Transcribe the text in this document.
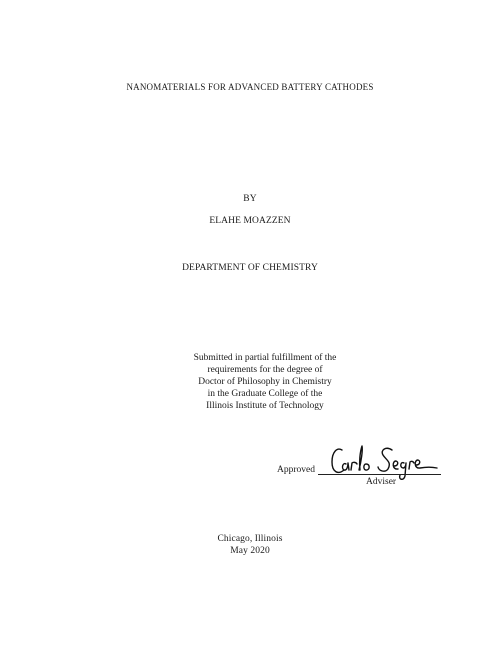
NANOMATERIALS FOR ADVANCED BATTERY CATHODES
BY
ELAHE MOAZZEN
DEPARTMENT OF CHEMISTRY
Submitted in partial fulfillment of the
requirements for the degree of
Doctor of Philosophy in Chemistry
in the Graduate College of the
Illinois Institute of Technology
Approved
Adviser
Chicago, Illinois
May 2020
